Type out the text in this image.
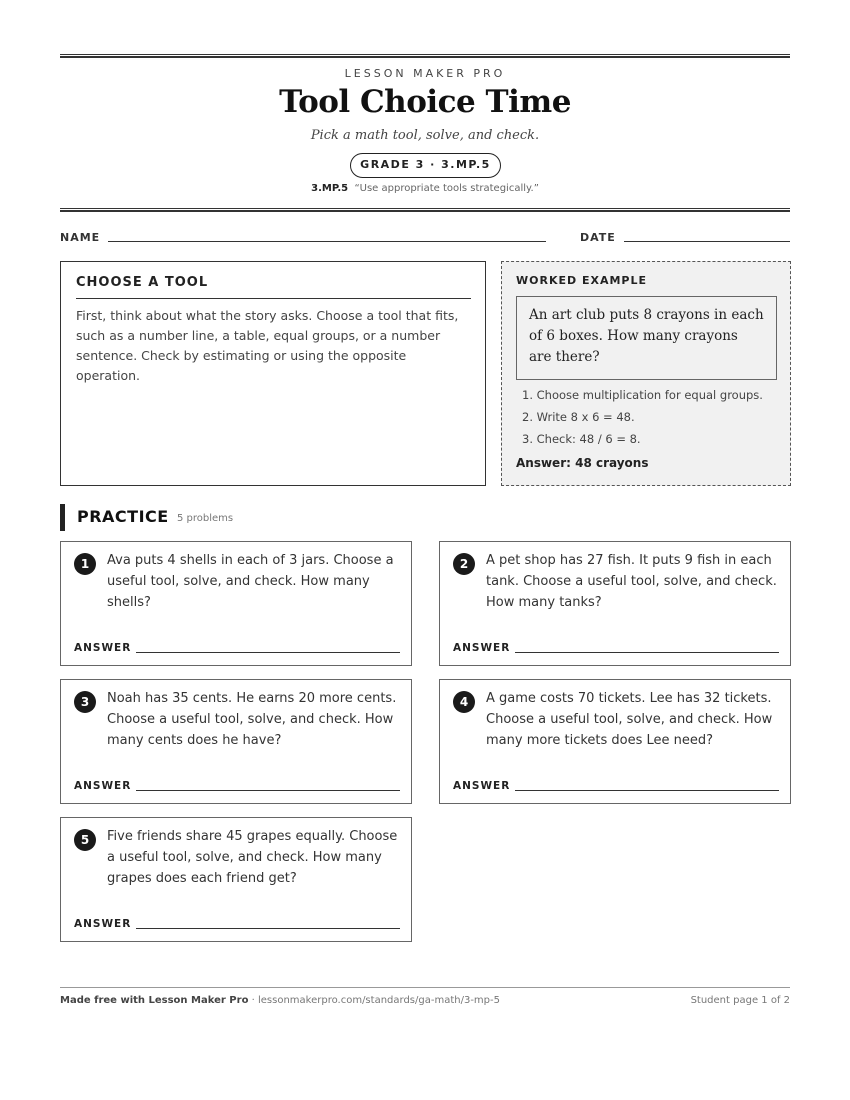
LESSON MAKER PRO
Tool Choice Time
Pick a math tool, solve, and check.
GRADE 3 · 3.MP.5
3.MP.5 “Use appropriate tools strategically.”
NAME	DATE
CHOOSE A TOOL
First, think about what the story asks. Choose a tool that fits, such as a number line, a table, equal groups, or a number sentence. Check by estimating or using the opposite operation.
WORKED EXAMPLE
An art club puts 8 crayons in each of 6 boxes. How many crayons are there?
1. Choose multiplication for equal groups.
2. Write 8 x 6 = 48.
3. Check: 48 / 6 = 8.
Answer: 48 crayons
PRACTICE 5 problems
1	Ava puts 4 shells in each of 3 jars. Choose a useful tool, solve, and check. How many shells?
ANSWER
2	A pet shop has 27 fish. It puts 9 fish in each tank. Choose a useful tool, solve, and check. How many tanks?
ANSWER
3	Noah has 35 cents. He earns 20 more cents. Choose a useful tool, solve, and check. How many cents does he have?
ANSWER
4	A game costs 70 tickets. Lee has 32 tickets. Choose a useful tool, solve, and check. How many more tickets does Lee need?
ANSWER
5	Five friends share 45 grapes equally. Choose a useful tool, solve, and check. How many grapes does each friend get?
ANSWER
Made free with Lesson Maker Pro · lessonmakerpro.com/standards/ga-math/3-mp-5	Student page 1 of 2
